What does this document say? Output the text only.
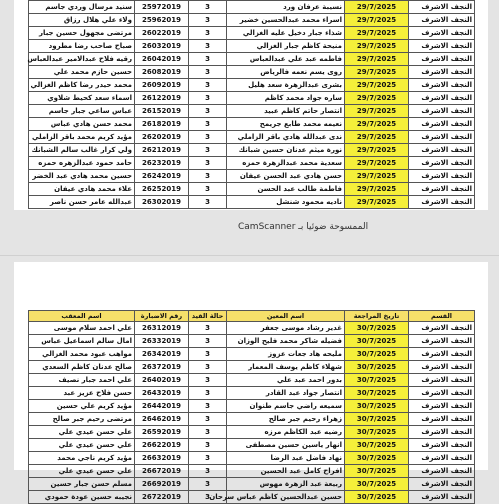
النجف الاشرف	29/7/2025	نسيبة عرفان ورد	3	25972019	سنيد مرسال وردي جاسم
النجف الاشرف	29/7/2025	اسراء محمد عبدالحسين خضير	3	25962019	ولاء علي هلال رزاق
النجف الاشرف	29/7/2025	شذاء جبار دخيل عليه الغزالي	3	26022019	مرتضى مجهول حسين جبار
النجف الاشرف	29/7/2025	منيحة كاظم جبار الغزالي	3	26032019	صباح صاحب رضا مطرود
النجف الاشرف	29/7/2025	فاطمه عبد علي عبدالعباس	3	26042019	رقيه فلاح عبدالامير عبدالعباس
النجف الاشرف	29/7/2025	روى يسم نعمه فالرياض	3	26082019	حسين حازم محمد علي
النجف الاشرف	29/7/2025	بشرى عبدالزهرة سعد هليل	3	26092019	محمد حيدر رضا كاظم الغزالي
النجف الاشرف	29/7/2025	ساره جواد محمد كاظم	3	26122019	اسماء سعد كحيط شلاوي
النجف الاشرف	29/7/2025	انتصار حاتم كاظم عبيد	3	26152019	عباس ساعي جبار جاسم
النجف الاشرف	29/7/2025	نعيمه محمد طابع جريمح	3	26182019	محمد حسن هادي عباس
النجف الاشرف	29/7/2025	ندى عبدالله هادي باقر الزاملي	3	26202019	مؤيد كريم محمد باقر الزاملي
النجف الاشرف	29/7/2025	نورة ميثم عدنان حسين شبانك	3	26212019	ولي كرار غالب سالم الشبانك
النجف الاشرف	29/7/2025	سعدية محمد عبدالزهرة حمزه	3	26232019	حامد حمود عبدالزهره حمزه
النجف الاشرف	29/7/2025	حسن هادي عبد الحسن عيفان	3	26242019	حسين محمد هادي عبد الخضر
النجف الاشرف	29/7/2025	فاطمة طالب عبد الحسن	3	26252019	علاء محمد هادي عيفان
النجف الاشرف	29/7/2025	ناديه محمود شنشل	3	26302019	عبدالله عامر حسن ناصر
الممسوحة ضوئيا بـ CamScanner
القسم	تاريخ المراجعة	اسم المعين	حالة القيد	رقم الاضبارة	اسم المعقب
النجف الاشرف	30/7/2025	غدير رشاد موسى جعفر	3	26312019	علي احمد سلام موسى
النجف الاشرف	30/7/2025	فضيله شاكر محمد فليح الوزان	3	26332019	امال سالم اسماعيل عباس
النجف الاشرف	30/7/2025	مليحه هاد جعات عزوز	3	26342019	مواهب عبود محمد الغزالي
النجف الاشرف	30/7/2025	شهلاء كاظم يوسف المعمار	3	26372019	صالح عدنان كاظم السعدي
النجف الاشرف	30/7/2025	بدور احمد عبد علي	3	26402019	علي احمد جبار نصيف
النجف الاشرف	30/7/2025	انتصار جواد عبد القادر	3	26432019	حسن فلاح عزيز عبد
النجف الاشرف	30/7/2025	سميعه راضي جاسم طنوان	3	26442019	مؤيد كريم علي حسين
النجف الاشرف	30/7/2025	زهراء رحيم جبر صالح	3	26462019	مرتضى رحيم جبر صالح
النجف الاشرف	30/7/2025	رضيه عبد الكاظم مرزه	3	26592019	علي حسن عيدي علي
النجف الاشرف	30/7/2025	انهار ياسين حسين مصطفى	3	26622019	علي حسن عيدي علي
النجف الاشرف	30/7/2025	نهاد فاضل عبد الرضا	3	26632019	مؤيد كريم ناجي محمد
النجف الاشرف	30/7/2025	افراح كامل عبد الحسين	3	26672019	علي حسن عيدي علي
النجف الاشرف	30/7/2025	ربيعة عبد الزهرة مهوس	3	26692019	مسلم حسن جبار حسين
النجف الاشرف	30/7/2025	حسين عبدالحسين كاظم عباس سرحان	3	26722019	نجيبه حسين عودة حمودي
